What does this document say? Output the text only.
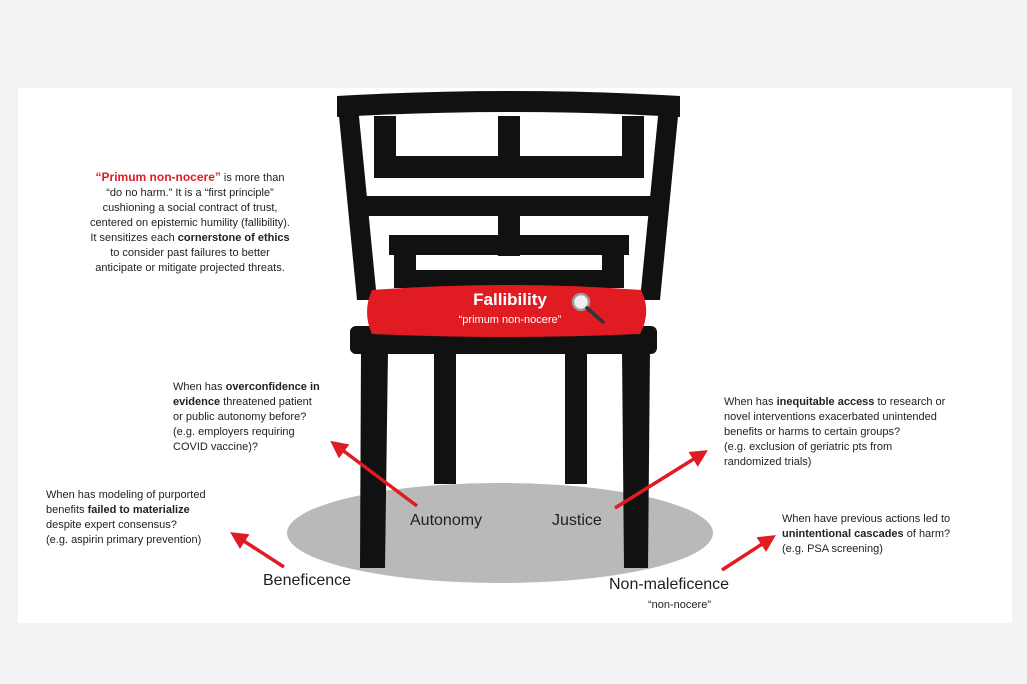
“Primum non-nocere” is more than
“do no harm.” It is a “first principle”
cushioning a social contract of trust,
centered on epistemic humility (fallibility).
It sensitizes each cornerstone of ethics
to consider past failures to better
anticipate or mitigate projected threats.
Fallibility
“primum non-nocere”
When has overconfidence in
evidence threatened patient
or public autonomy before?
(e.g. employers requiring
COVID vaccine)?
When has modeling of purported
benefits failed to materialize
despite expert consensus?
(e.g. aspirin primary prevention)
When has inequitable access to research or
novel interventions exacerbated unintended
benefits or harms to certain groups?
(e.g. exclusion of geriatric pts from
randomized trials)
When have previous actions led to
unintentional cascades of harm?
(e.g. PSA screening)
Autonomy	Justice
Beneficence	Non-maleficence
“non-nocere”
